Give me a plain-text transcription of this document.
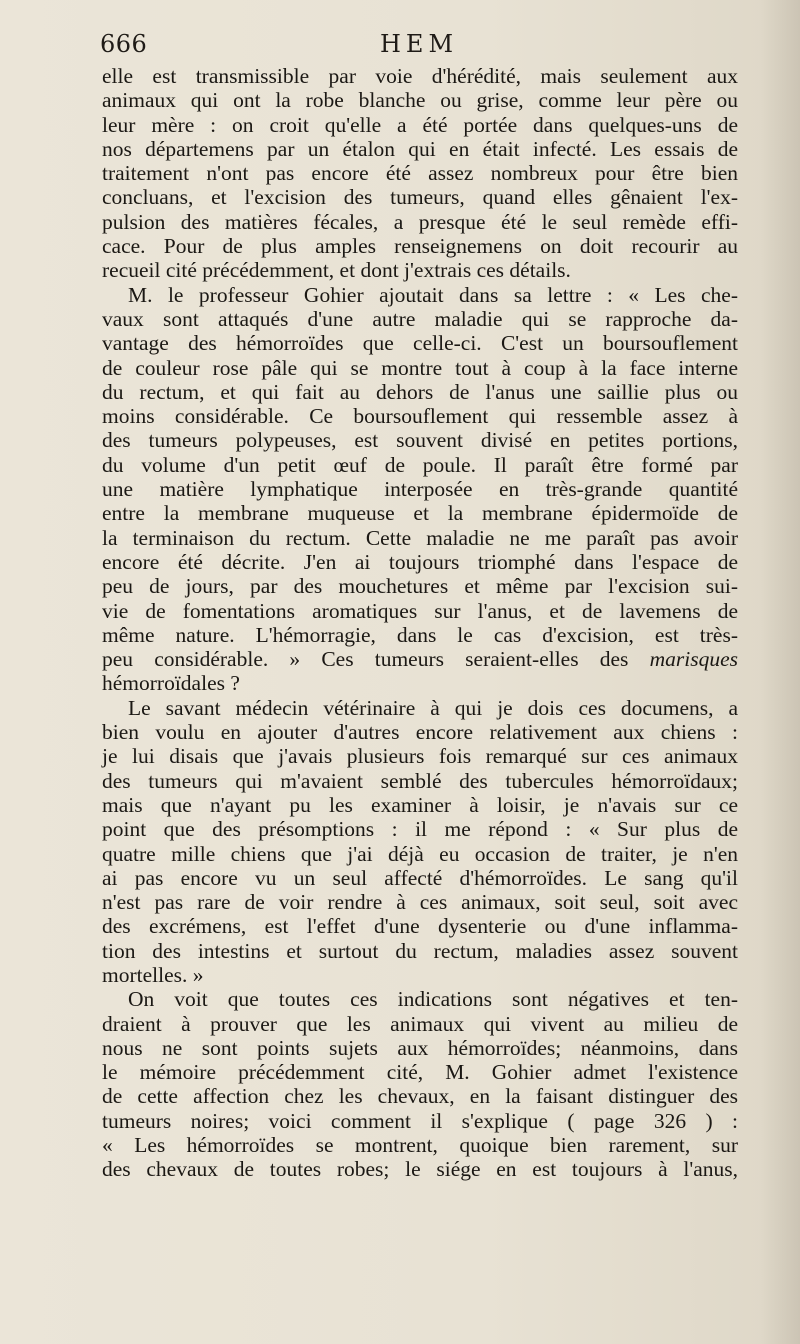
666	HEM
elle est transmissible par voie d'hérédité, mais seulement aux
animaux qui ont la robe blanche ou grise, comme leur père ou
leur mère : on croit qu'elle a été portée dans quelques-uns de
nos départemens par un étalon qui en était infecté. Les essais de
traitement n'ont pas encore été assez nombreux pour être bien
concluans, et l'excision des tumeurs, quand elles gênaient l'ex-
pulsion des matières fécales, a presque été le seul remède effi-
cace. Pour de plus amples renseignemens on doit recourir au
recueil cité précédemment, et dont j'extrais ces détails.
M. le professeur Gohier ajoutait dans sa lettre : « Les che-
vaux sont attaqués d'une autre maladie qui se rapproche da-
vantage des hémorroïdes que celle-ci. C'est un boursouflement
de couleur rose pâle qui se montre tout à coup à la face interne
du rectum, et qui fait au dehors de l'anus une saillie plus ou
moins considérable. Ce boursouflement qui ressemble assez à
des tumeurs polypeuses, est souvent divisé en petites portions,
du volume d'un petit œuf de poule. Il paraît être formé par
une matière lymphatique interposée en très-grande quantité
entre la membrane muqueuse et la membrane épidermoïde de
la terminaison du rectum. Cette maladie ne me paraît pas avoir
encore été décrite. J'en ai toujours triomphé dans l'espace de
peu de jours, par des mouchetures et même par l'excision sui-
vie de fomentations aromatiques sur l'anus, et de lavemens de
même nature. L'hémorragie, dans le cas d'excision, est très-
peu considérable. » Ces tumeurs seraient-elles des marisques
hémorroïdales ?
Le savant médecin vétérinaire à qui je dois ces documens, a
bien voulu en ajouter d'autres encore relativement aux chiens :
je lui disais que j'avais plusieurs fois remarqué sur ces animaux
des tumeurs qui m'avaient semblé des tubercules hémorroïdaux;
mais que n'ayant pu les examiner à loisir, je n'avais sur ce
point que des présomptions : il me répond : « Sur plus de
quatre mille chiens que j'ai déjà eu occasion de traiter, je n'en
ai pas encore vu un seul affecté d'hémorroïdes. Le sang qu'il
n'est pas rare de voir rendre à ces animaux, soit seul, soit avec
des excrémens, est l'effet d'une dysenterie ou d'une inflamma-
tion des intestins et surtout du rectum, maladies assez souvent
mortelles. »
On voit que toutes ces indications sont négatives et ten-
draient à prouver que les animaux qui vivent au milieu de
nous ne sont points sujets aux hémorroïdes; néanmoins, dans
le mémoire précédemment cité, M. Gohier admet l'existence
de cette affection chez les chevaux, en la faisant distinguer des
tumeurs noires; voici comment il s'explique ( page 326 ) :
« Les hémorroïdes se montrent, quoique bien rarement, sur
des chevaux de toutes robes; le siége en est toujours à l'anus,
